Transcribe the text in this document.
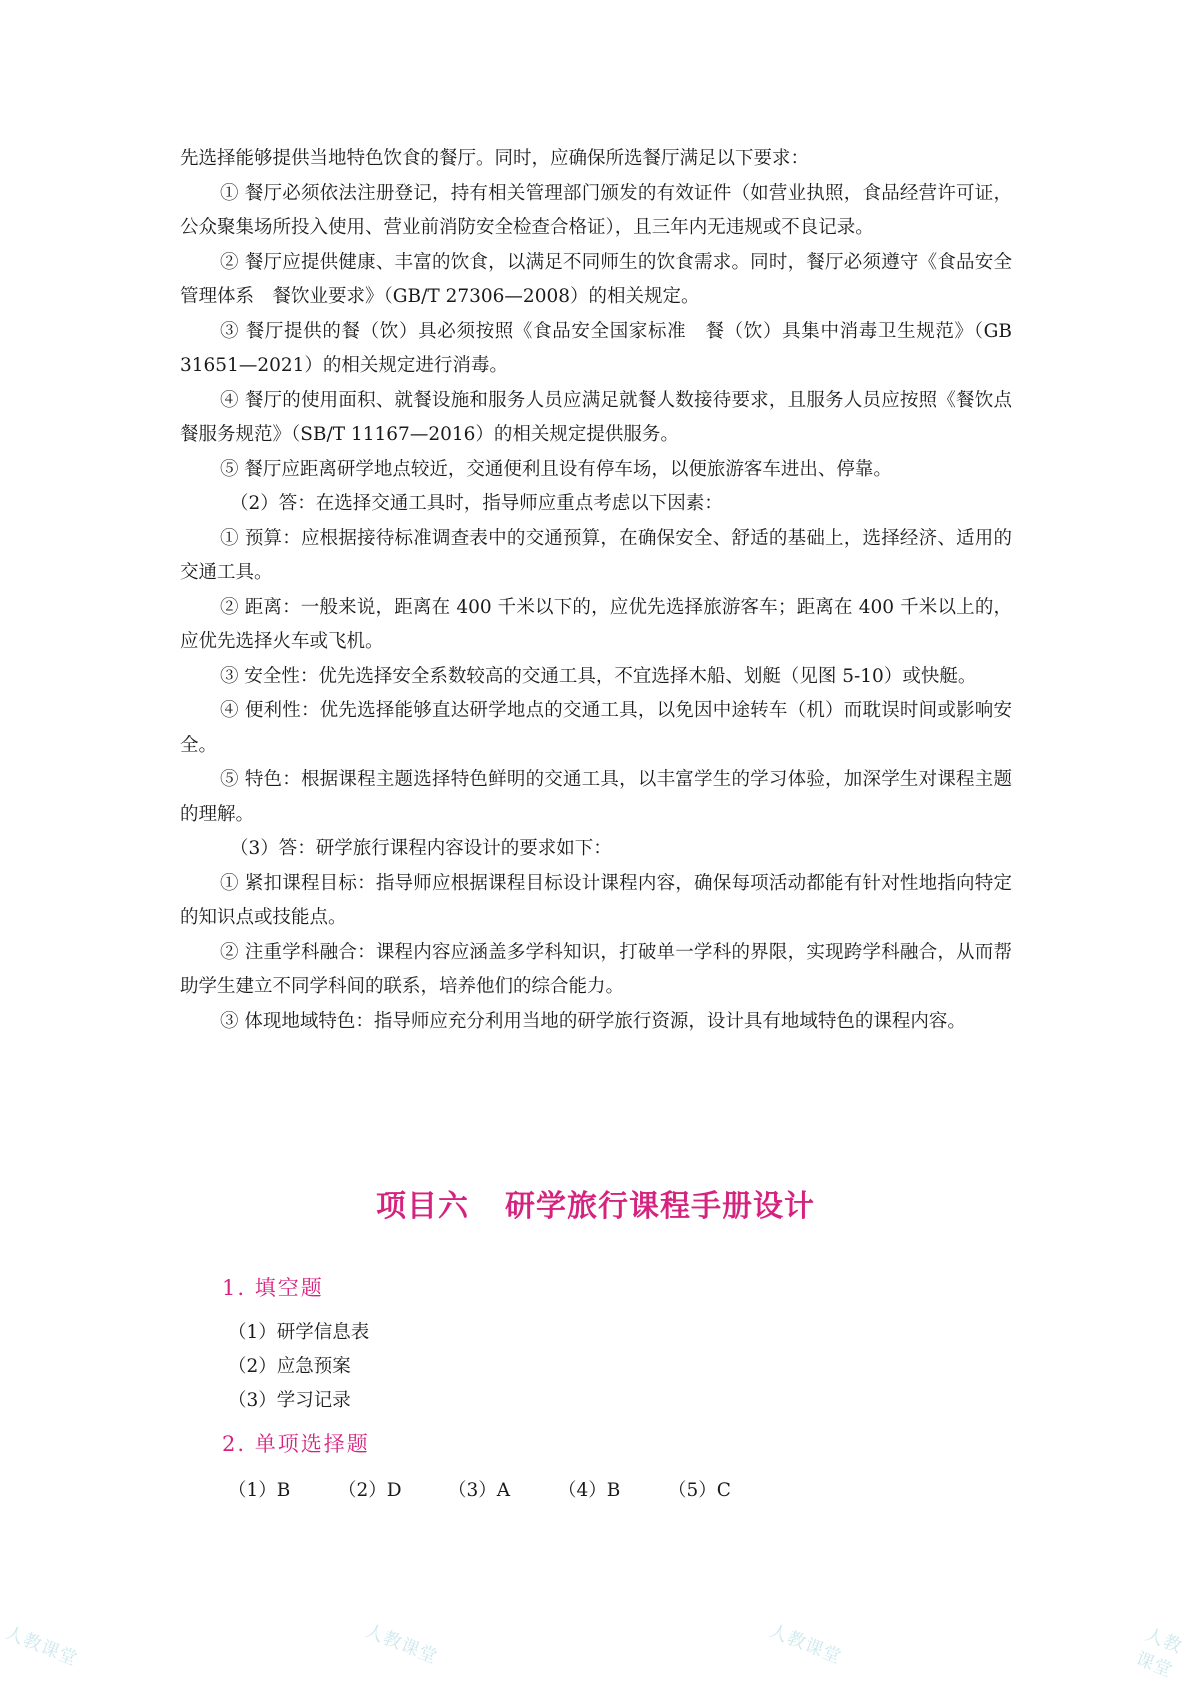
先选择能够提供当地特色饮食的餐厅。同时，应确保所选餐厅满足以下要求：

① 餐厅必须依法注册登记，持有相关管理部门颁发的有效证件（如营业执照，食品经营许可证，公众聚集场所投入使用、营业前消防安全检查合格证），且三年内无违规或不良记录。

② 餐厅应提供健康、丰富的饮食，以满足不同师生的饮食需求。同时，餐厅必须遵守《食品安全管理体系　餐饮业要求》（GB/T 27306—2008）的相关规定。

③ 餐厅提供的餐（饮）具必须按照《食品安全国家标准　餐（饮）具集中消毒卫生规范》（GB 31651—2021）的相关规定进行消毒。

④ 餐厅的使用面积、就餐设施和服务人员应满足就餐人数接待要求，且服务人员应按照《餐饮点餐服务规范》（SB/T 11167—2016）的相关规定提供服务。

⑤ 餐厅应距离研学地点较近，交通便利且设有停车场，以便旅游客车进出、停靠。

（2）答：在选择交通工具时，指导师应重点考虑以下因素：

① 预算：应根据接待标准调查表中的交通预算，在确保安全、舒适的基础上，选择经济、适用的交通工具。

② 距离：一般来说，距离在 400 千米以下的，应优先选择旅游客车；距离在 400 千米以上的，应优先选择火车或飞机。

③ 安全性：优先选择安全系数较高的交通工具，不宜选择木船、划艇（见图 5-10）或快艇。

④ 便利性：优先选择能够直达研学地点的交通工具，以免因中途转车（机）而耽误时间或影响安全。

⑤ 特色：根据课程主题选择特色鲜明的交通工具，以丰富学生的学习体验，加深学生对课程主题的理解。

（3）答：研学旅行课程内容设计的要求如下：

① 紧扣课程目标：指导师应根据课程目标设计课程内容，确保每项活动都能有针对性地指向特定的知识点或技能点。

② 注重学科融合：课程内容应涵盖多学科知识，打破单一学科的界限，实现跨学科融合，从而帮助学生建立不同学科间的联系，培养他们的综合能力。

③ 体现地域特色：指导师应充分利用当地的研学旅行资源，设计具有地域特色的课程内容。

项目六 研学旅行课程手册设计
1. 填空题
（1）研学信息表
（2）应急预案
（3）学习记录
2. 单项选择题
（1）B	（2）D	（3）A	（4）B	（5）C
人教课堂	人教课堂	人教课堂	人教课堂
